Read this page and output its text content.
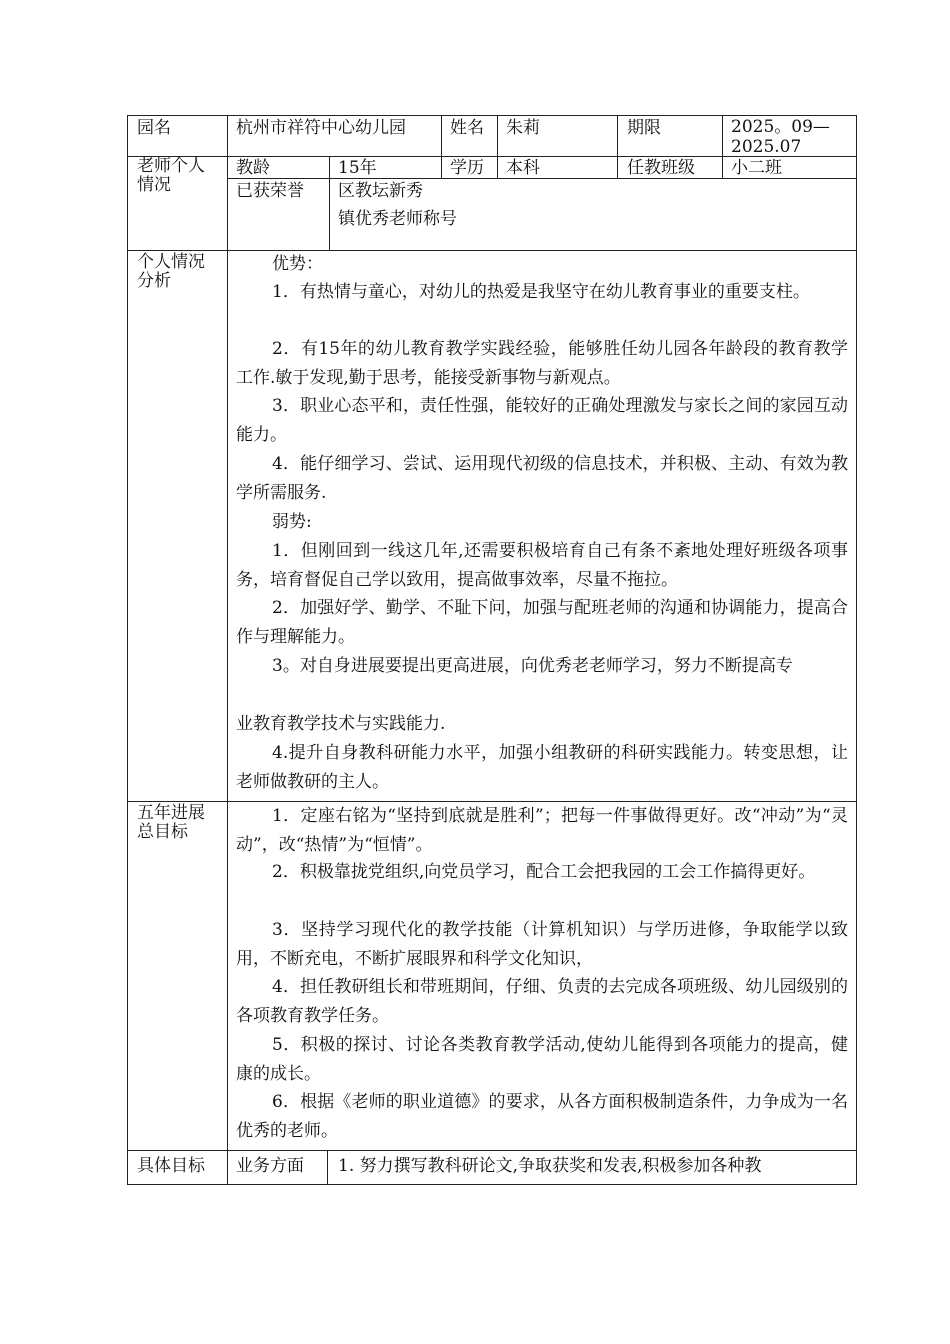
园名	杭州市祥符中心幼儿园	姓名 朱莉	期限	2025。09—
2025.07
老师个人情况
教龄	15年	学历 本科	任教班级 小二班
已获荣誉 区教坛新秀
镇优秀老师称号
个人情况分析
优势：
1．有热情与童心，对幼儿的热爱是我坚守在幼儿教育事业的重要支柱。
2．有15年的幼儿教育教学实践经验，能够胜任幼儿园各年龄段的教育教学工作.敏于发现,勤于思考，能接受新事物与新观点。
3．职业心态平和，责任性强，能较好的正确处理激发与家长之间的家园互动能力。
4．能仔细学习、尝试、运用现代初级的信息技术，并积极、主动、有效为教学所需服务.
弱势:
1．但刚回到一线这几年,还需要积极培育自己有条不紊地处理好班级各项事务，培育督促自己学以致用，提高做事效率，尽量不拖拉。
2．加强好学、勤学、不耻下问，加强与配班老师的沟通和协调能力，提高合作与理解能力。
3。对自身进展要提出更高进展，向优秀老老师学习，努力不断提高专
业教育教学技术与实践能力.
4.提升自身教科研能力水平，加强小组教研的科研实践能力。转变思想，让老师做教研的主人。
五年进展总目标
1．定座右铭为“坚持到底就是胜利”；把每一件事做得更好。改“冲动”为“灵动”，改“热情”为“恒情”。
2．积极靠拢党组织,向党员学习，配合工会把我园的工会工作搞得更好。
3．坚持学习现代化的教学技能（计算机知识）与学历进修，争取能学以致用，不断充电，不断扩展眼界和科学文化知识，
4．担任教研组长和带班期间，仔细、负责的去完成各项班级、幼儿园级别的各项教育教学任务。
5．积极的探讨、讨论各类教育教学活动,使幼儿能得到各项能力的提高，健康的成长。
6．根据《老师的职业道德》的要求，从各方面积极制造条件，力争成为一名优秀的老师。
具体目标 业务方面 1. 努力撰写教科研论文,争取获奖和发表,积极参加各种教
